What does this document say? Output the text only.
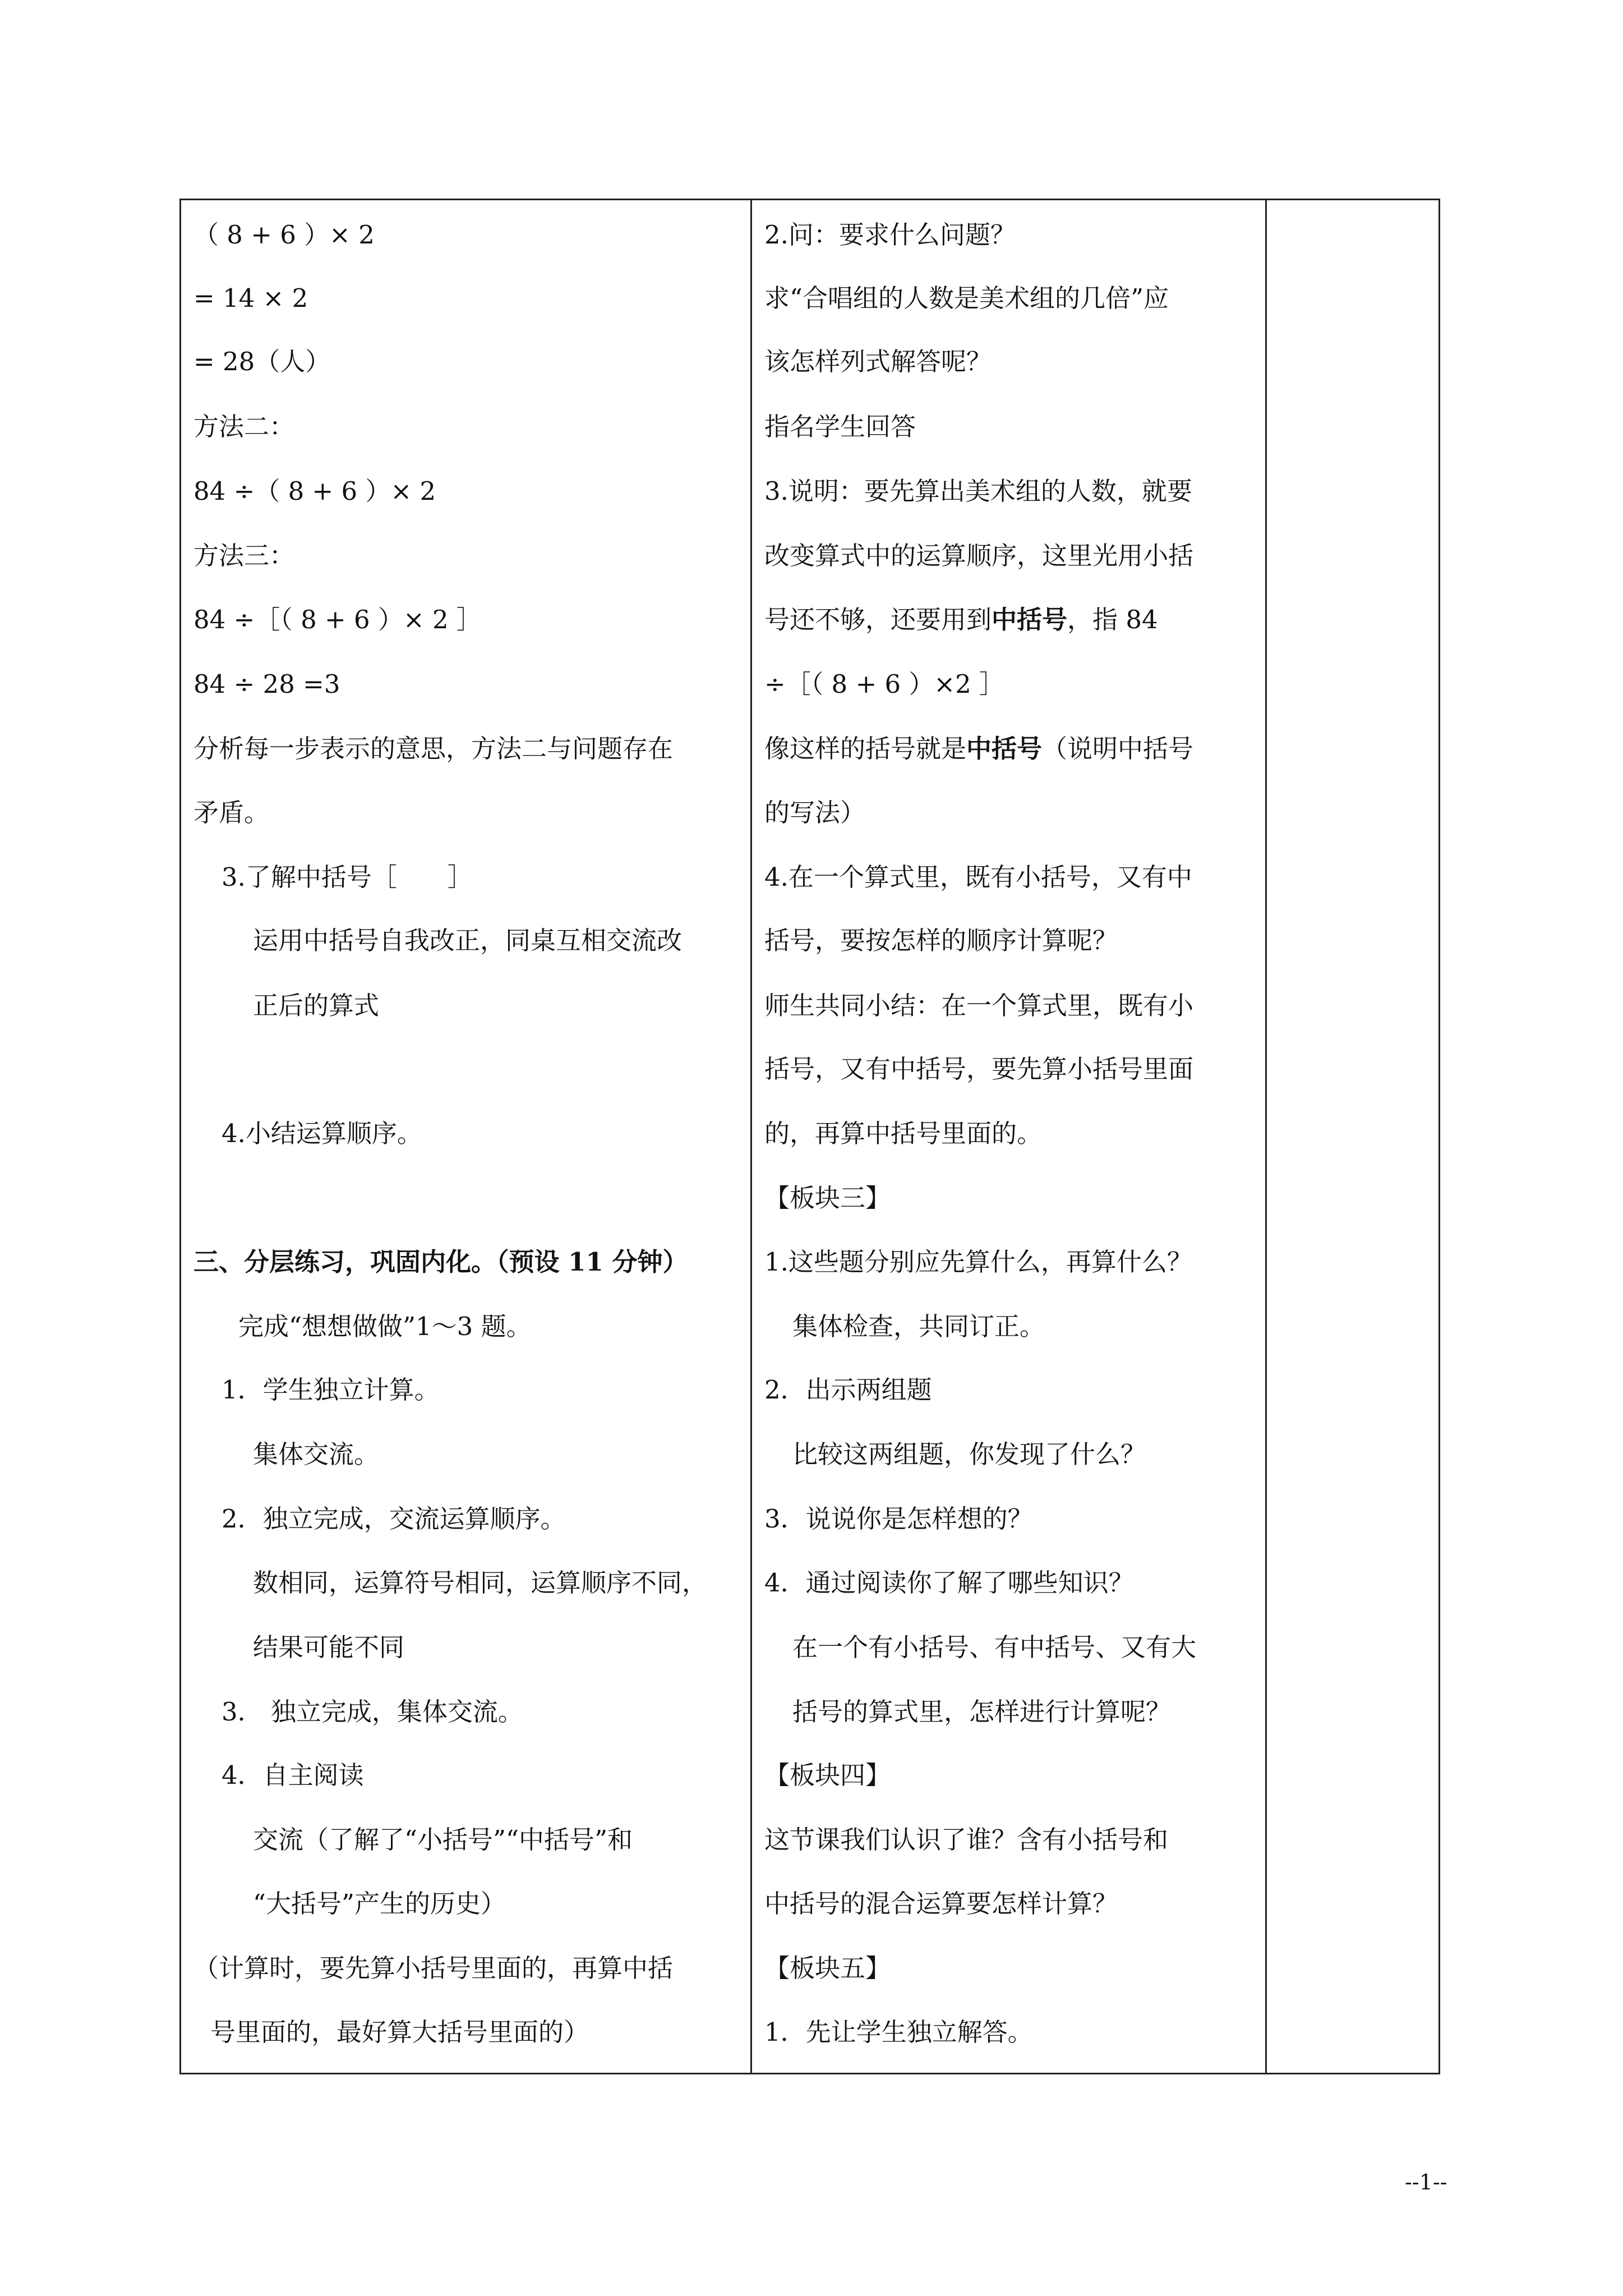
（ 8 + 6 ）× 2
= 14 × 2
= 28（人）
方法二：
84 ÷（ 8 + 6 ）× 2
方法三：
84 ÷［（ 8 + 6 ）× 2 ］
84 ÷ 28 =3
分析每一步表示的意思，方法二与问题存在
矛盾。
3.了解中括号［　　］
运用中括号自我改正，同桌互相交流改
正后的算式
4.小结运算顺序。
三、分层练习，巩固内化。（预设 11 分钟）
完成“想想做做”1～3 题。
1．学生独立计算。
集体交流。
2．独立完成，交流运算顺序。
数相同，运算符号相同，运算顺序不同，
结果可能不同
3． 独立完成，集体交流。
4．自主阅读
交流（了解了“小括号”“中括号”和
“大括号”产生的历史）
（计算时，要先算小括号里面的，再算中括
号里面的，最好算大括号里面的）
2.问：要求什么问题？
求“合唱组的人数是美术组的几倍”应
该怎样列式解答呢？
指名学生回答
3.说明：要先算出美术组的人数，就要
改变算式中的运算顺序，这里光用小括
号还不够，还要用到中括号，指 84
÷［（ 8 + 6 ）×2 ］
像这样的括号就是中括号（说明中括号
的写法）
4.在一个算式里，既有小括号，又有中
括号，要按怎样的顺序计算呢？
师生共同小结：在一个算式里，既有小
括号，又有中括号，要先算小括号里面
的，再算中括号里面的。
【板块三】
1.这些题分别应先算什么，再算什么？
集体检查，共同订正。
2．出示两组题
比较这两组题，你发现了什么？
3．说说你是怎样想的？
4．通过阅读你了解了哪些知识？
在一个有小括号、有中括号、又有大
括号的算式里，怎样进行计算呢？
【板块四】
这节课我们认识了谁？含有小括号和
中括号的混合运算要怎样计算？
【板块五】
1．先让学生独立解答。
--1--
